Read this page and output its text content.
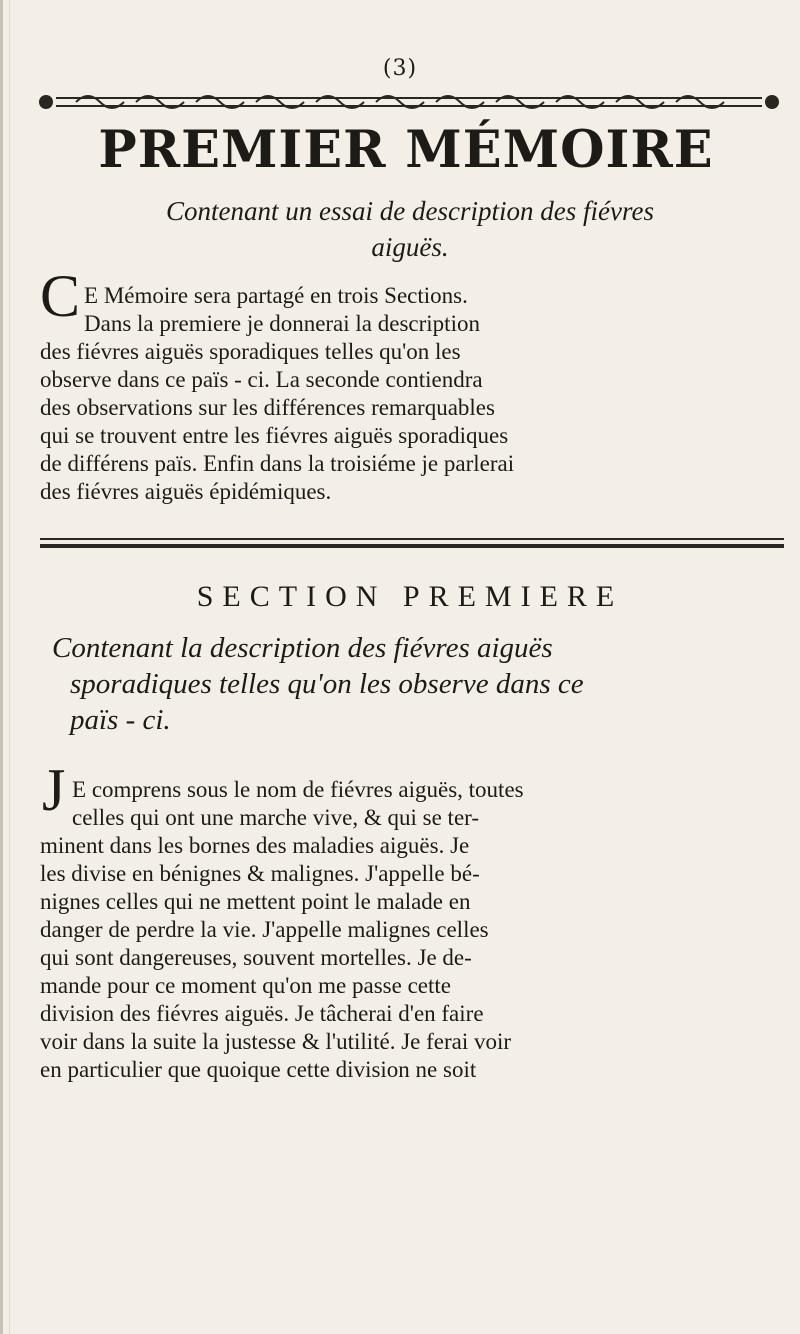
(3)
PREMIER MÉMOIRE
Contenant un essai de description des fiévres
aiguës.
C E Mémoire sera partagé en trois Sections.
Dans la premiere je donnerai la description
des fiévres aiguës sporadiques telles qu'on les
observe dans ce païs - ci. La seconde contiendra
des observations sur les différences remarquables
qui se trouvent entre les fiévres aiguës sporadiques
de différens païs. Enfin dans la troisiéme je parlerai
des fiévres aiguës épidémiques.
SECTION PREMIERE
Contenant la description des fiévres aiguës
sporadiques telles qu'on les observe dans ce
païs - ci.
J E comprens sous le nom de fiévres aiguës, toutes
celles qui ont une marche vive, & qui se ter-
minent dans les bornes des maladies aiguës. Je
les divise en bénignes & malignes. J'appelle bé-
nignes celles qui ne mettent point le malade en
danger de perdre la vie. J'appelle malignes celles
qui sont dangereuses, souvent mortelles. Je de-
mande pour ce moment qu'on me passe cette
division des fiévres aiguës. Je tâcherai d'en faire
voir dans la suite la justesse & l'utilité. Je ferai voir
en particulier que quoique cette division ne soit
